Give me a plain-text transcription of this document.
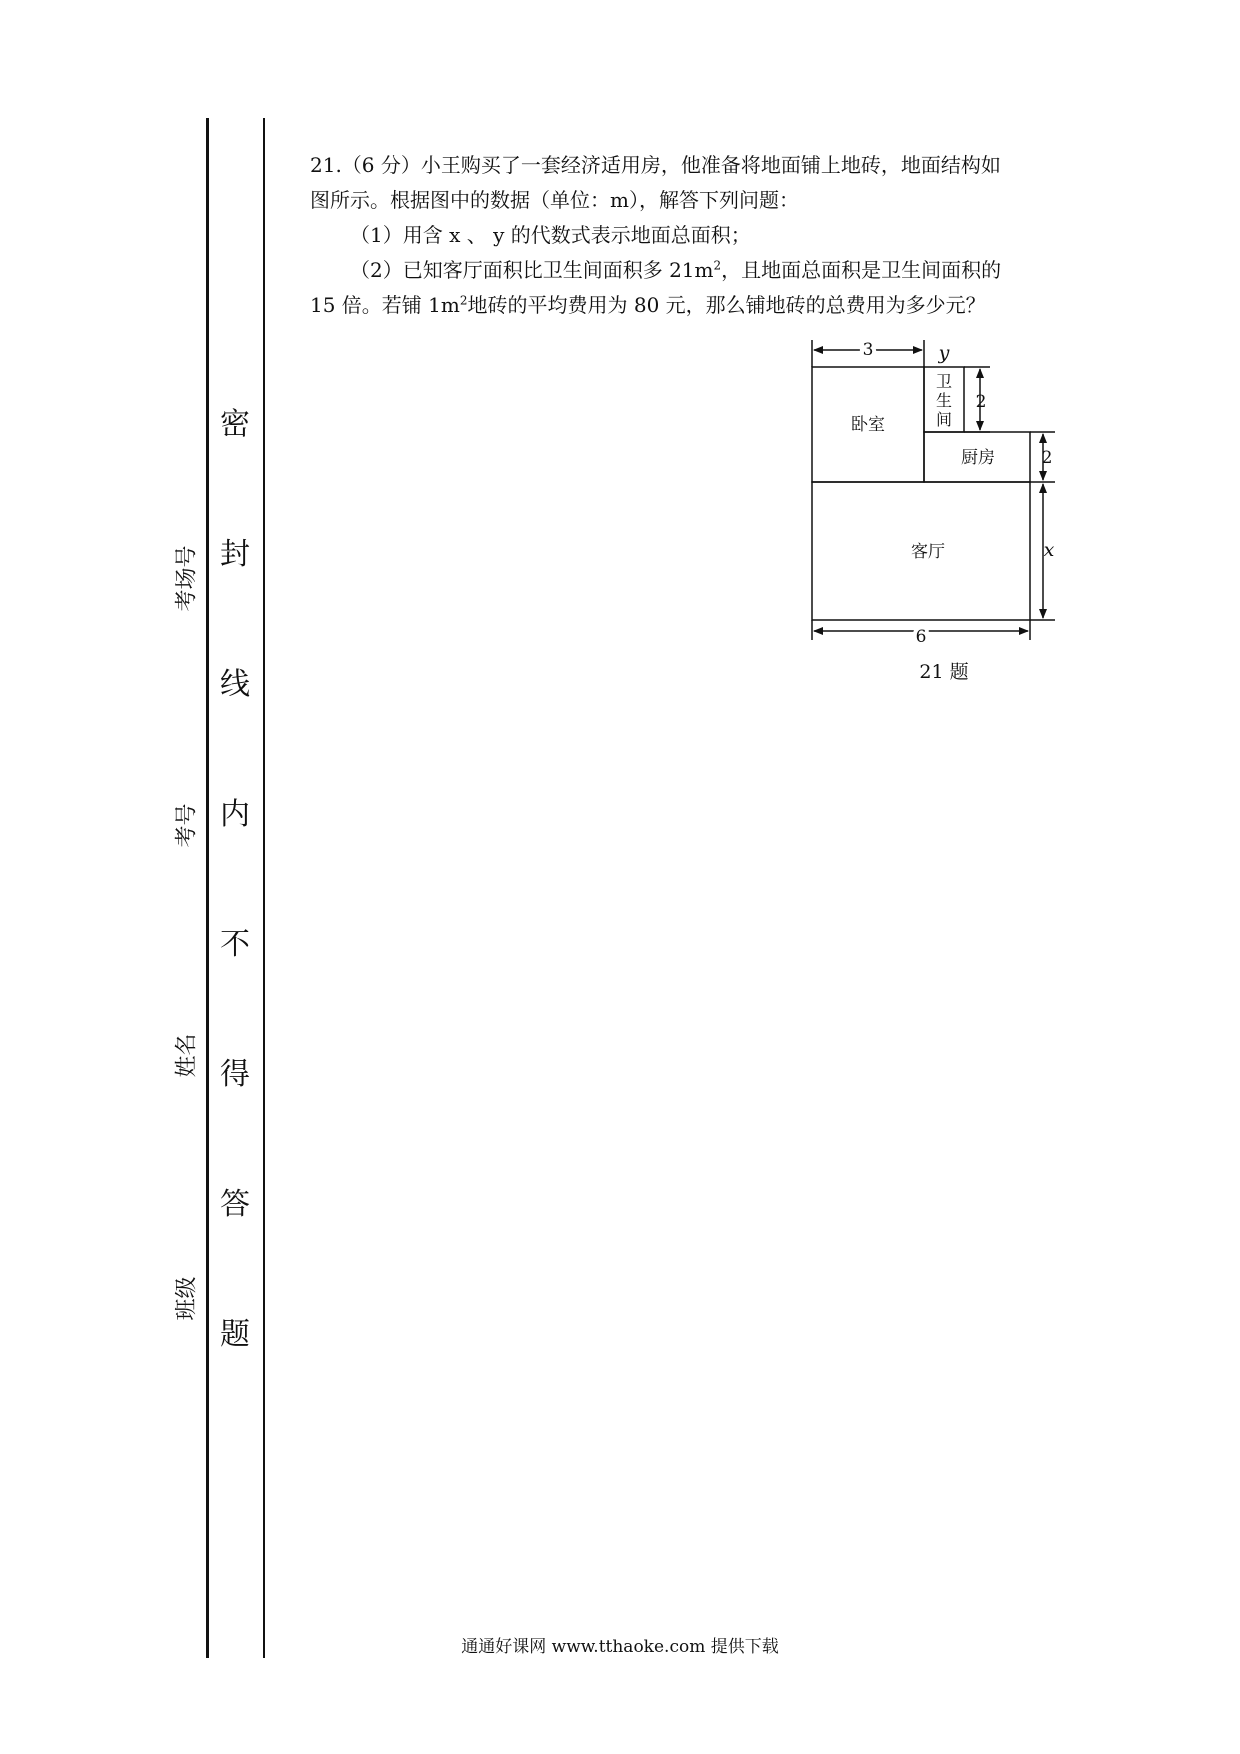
密
封
线
内
不
得
答
题
考场号
考号
姓名
班级

21.（6 分）小王购买了一套经济适用房，他准备将地面铺上地砖，地面结构如

图所示。根据图中的数据（单位：m），解答下列问题：

（1）用含 x 、 y 的代数式表示地面总面积；

（2）已知客厅面积比卫生间面积多 $21m^2$，且地面总面积是卫生间面积的

15 倍。若铺 $1m^2$地砖的平均费用为 80 元，那么铺地砖的总费用为多少元？

3	y
2
2
x
6
卧室
卫
生
间
厨房
客厅
21 题
通通好课网 www.tthaoke.com 提供下载
